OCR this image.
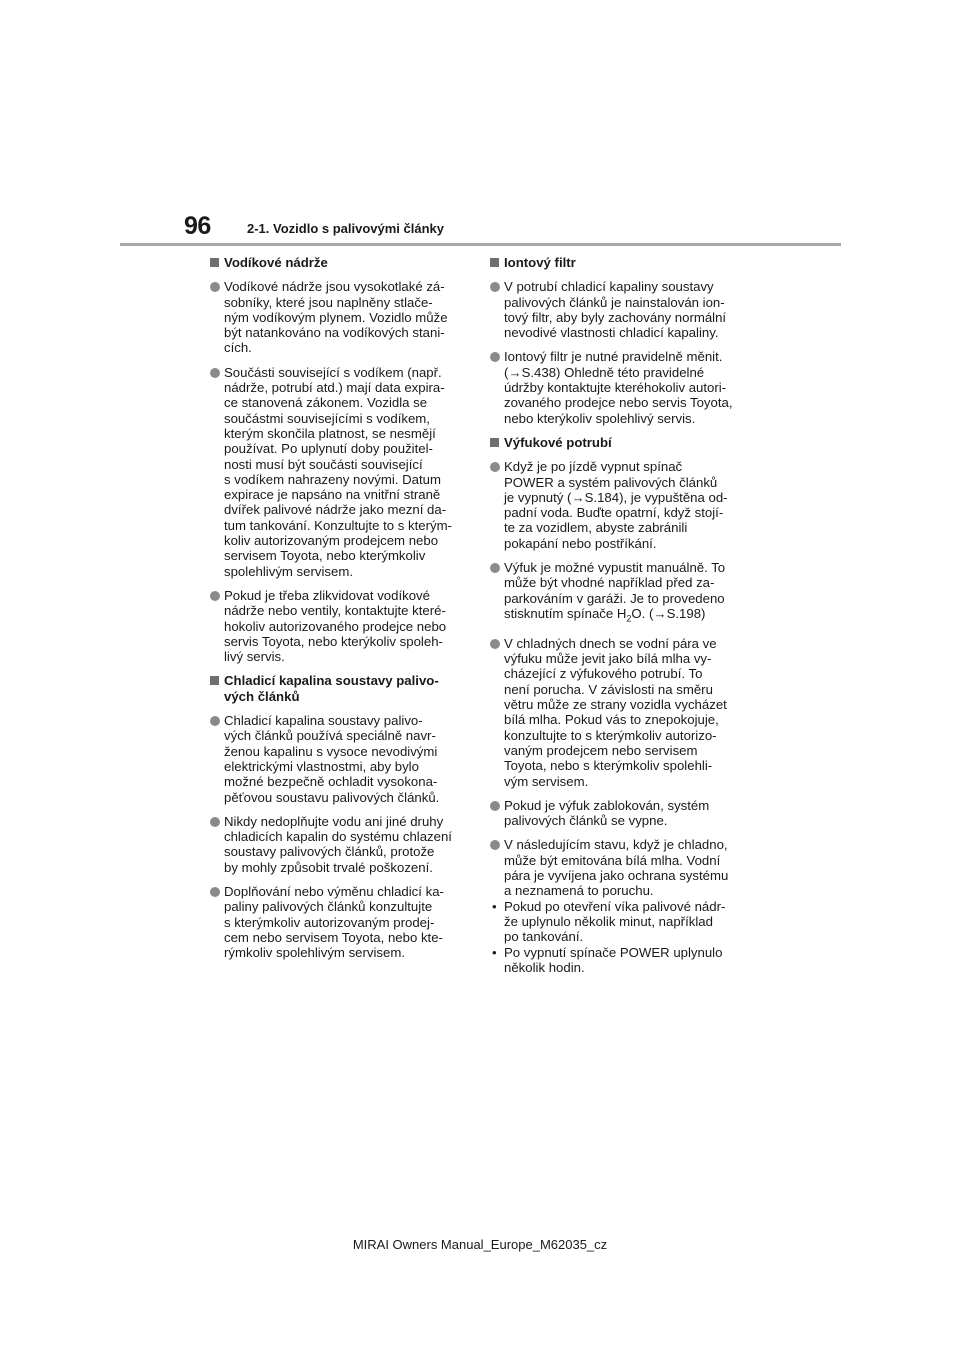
96	2-1. Vozidlo s palivovými články
Vodíkové nádrže
Vodíkové nádrže jsou vysokotlaké zá-
sobníky, které jsou naplněny stlače-
ným vodíkovým plynem. Vozidlo může
být natankováno na vodíkových stani-
cích.
Součásti související s vodíkem (např.
nádrže, potrubí atd.) mají data expira-
ce stanovená zákonem. Vozidla se
součástmi souvisejícími s vodíkem,
kterým skončila platnost, se nesmějí
používat. Po uplynutí doby použitel-
nosti musí být součásti související
s vodíkem nahrazeny novými. Datum
expirace je napsáno na vnitřní straně
dvířek palivové nádrže jako mezní da-
tum tankování. Konzultujte to s kterým-
koliv autorizovaným prodejcem nebo
servisem Toyota, nebo kterýmkoliv
spolehlivým servisem.
Pokud je třeba zlikvidovat vodíkové
nádrže nebo ventily, kontaktujte které-
hokoliv autorizovaného prodejce nebo
servis Toyota, nebo kterýkoliv spoleh-
livý servis.
Chladicí kapalina soustavy palivo-
vých článků
Chladicí kapalina soustavy palivo-
vých článků používá speciálně navr-
ženou kapalinu s vysoce nevodivými
elektrickými vlastnostmi, aby bylo
možné bezpečně ochladit vysokona-
pěťovou soustavu palivových článků.
Nikdy nedoplňujte vodu ani jiné druhy
chladicích kapalin do systému chlazení
soustavy palivových článků, protože
by mohly způsobit trvalé poškození.
Doplňování nebo výměnu chladicí ka-
paliny palivových článků konzultujte
s kterýmkoliv autorizovaným prodej-
cem nebo servisem Toyota, nebo kte-
rýmkoliv spolehlivým servisem.
Iontový filtr
V potrubí chladicí kapaliny soustavy
palivových článků je nainstalován ion-
tový filtr, aby byly zachovány normální
nevodivé vlastnosti chladicí kapaliny.
Iontový filtr je nutné pravidelně měnit.
(→S.438) Ohledně této pravidelné
údržby kontaktujte kteréhokoliv autori-
zovaného prodejce nebo servis Toyota,
nebo kterýkoliv spolehlivý servis.
Výfukové potrubí
Když je po jízdě vypnut spínač
POWER a systém palivových článků
je vypnutý (→S.184), je vypuštěna od-
padní voda. Buďte opatrní, když stojí-
te za vozidlem, abyste zabránili
pokapání nebo postříkání.
Výfuk je možné vypustit manuálně. To
může být vhodné například před za-
parkováním v garáži. Je to provedeno
stisknutím spínače $H_2O$. (→S.198)
V chladných dnech se vodní pára ve
výfuku může jevit jako bílá mlha vy-
cházející z výfukového potrubí. To
není porucha. V závislosti na směru
větru může ze strany vozidla vycházet
bílá mlha. Pokud vás to znepokojuje,
konzultujte to s kterýmkoliv autorizo-
vaným prodejcem nebo servisem
Toyota, nebo s kterýmkoliv spolehli-
vým servisem.
Pokud je výfuk zablokován, systém
palivových článků se vypne.
V následujícím stavu, když je chladno,
může být emitována bílá mlha. Vodní
pára je vyvíjena jako ochrana systému
a neznamená to poruchu.
• Pokud po otevření víka palivové nádr-
že uplynulo několik minut, například
po tankování.
• Po vypnutí spínače POWER uplynulo
několik hodin.
MIRAI Owners Manual_Europe_M62035_cz
